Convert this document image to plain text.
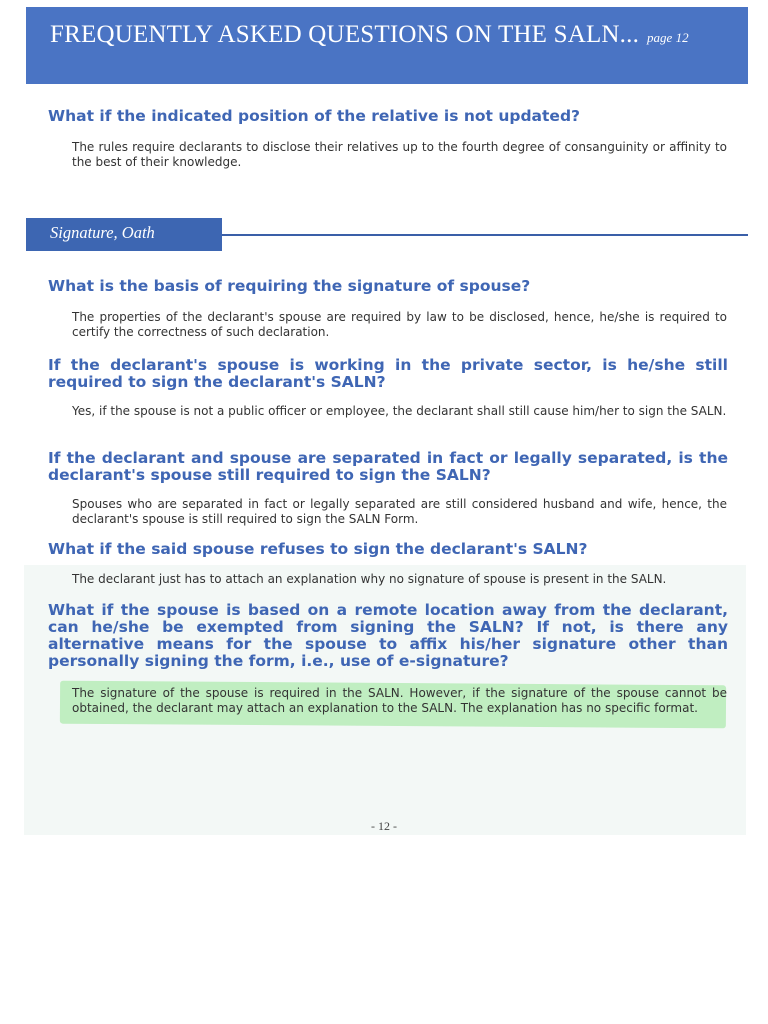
FREQUENTLY ASKED QUESTIONS ON THE SALN... page 12

What if the indicated position of the relative is not updated?

The rules require declarants to disclose their relatives up to the fourth degree of consanguinity or affinity to the best of their knowledge.

Signature, Oath

What is the basis of requiring the signature of spouse?

The properties of the declarant's spouse are required by law to be disclosed, hence, he/she is required to certify the correctness of such declaration.

If the declarant's spouse is working in the private sector, is he/she still
required to sign the declarant's SALN?

Yes, if the spouse is not a public officer or employee, the declarant shall still cause him/her to sign the SALN.

If the declarant and spouse are separated in fact or legally separated, is the
declarant's spouse still required to sign the SALN?

Spouses who are separated in fact or legally separated are still considered husband and wife, hence, the declarant's spouse is still required to sign the SALN Form.

What if the said spouse refuses to sign the declarant's SALN?

The declarant just has to attach an explanation why no signature of spouse is present in the SALN.

What if the spouse is based on a remote location away from the declarant, can he/she be exempted from signing the SALN? If not, is there any alternative means for the spouse to affix his/her signature other than
personally signing the form, i.e., use of e-signature?

The signature of the spouse is required in the SALN. However, if the signature of the spouse cannot be obtained, the declarant may attach an explanation to the SALN. The explanation has no specific format.

- 12 -
